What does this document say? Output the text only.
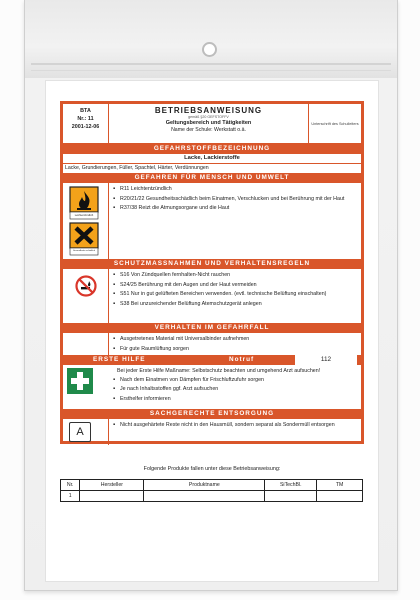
BTA
Nr.: 11
2001-12-06
BETRIEBSANWEISUNG
gemäß §20 GEFSTOFFV
Geltungsbereich und Tätigkeiten
Name der Schule: Werkstatt o.ä.
Unterschrift des Schulleiters
GEFAHRSTOFFBEZEICHNUNG
Lacke, Lackierstoffe
Lacke, Grundierungen, Füller, Spachtel, Härter, Verdünnungen
GEFAHREN FÜR MENSCH UND UMWELT
Leichtentzündlich
Gesundheits-schädlich
▪ R11 Leichtentzündlich
▪ R20/21/22 Gesundheitsschädlich beim Einatmen, Verschlucken und bei Berührung mit der Haut
▪ R37/38 Reizt die Atmungsorgane und die Haut
SCHUTZMASSNAHMEN UND VERHALTENSREGELN
▪ S16 Von Zündquellen fernhalten-Nicht rauchen
▪ S24/25 Berührung mit den Augen und der Haut vermeiden
▪ S51 Nur in gut gelüfteten Bereichen verwenden. (evtl. technische Belüftung einschalten)
▪ S38 Bei unzureichender Belüftung Atemschutzgerät anlegen
VERHALTEN IM GEFAHRFALL
▪ Ausgetretenes Material mit Universalbinder aufnehmen
▪ Für gute Raumlüftung sorgen
ERSTE HILFE	Notruf	112
Bei jeder Erste Hilfe Maßname: Selbstschutz beachten und umgehend Arzt aufsuchen!
▪ Nach dem Einatmen von Dämpfen für Frischluftzufuhr sorgen
▪ Je nach Inhaltsstoffen ggf. Arzt aufsuchen
▪ Ersthelfer informieren
SACHGERECHTE ENTSORGUNG
A
▪ Nicht ausgehärtete Reste nicht in den Hausmüll, sondern separat als Sondermüll entsorgen
Folgende Produkte fallen unter diese Betriebsanweisung:
Nr.	Hersteller	Produktname	SiTechBl.	TM
1				
